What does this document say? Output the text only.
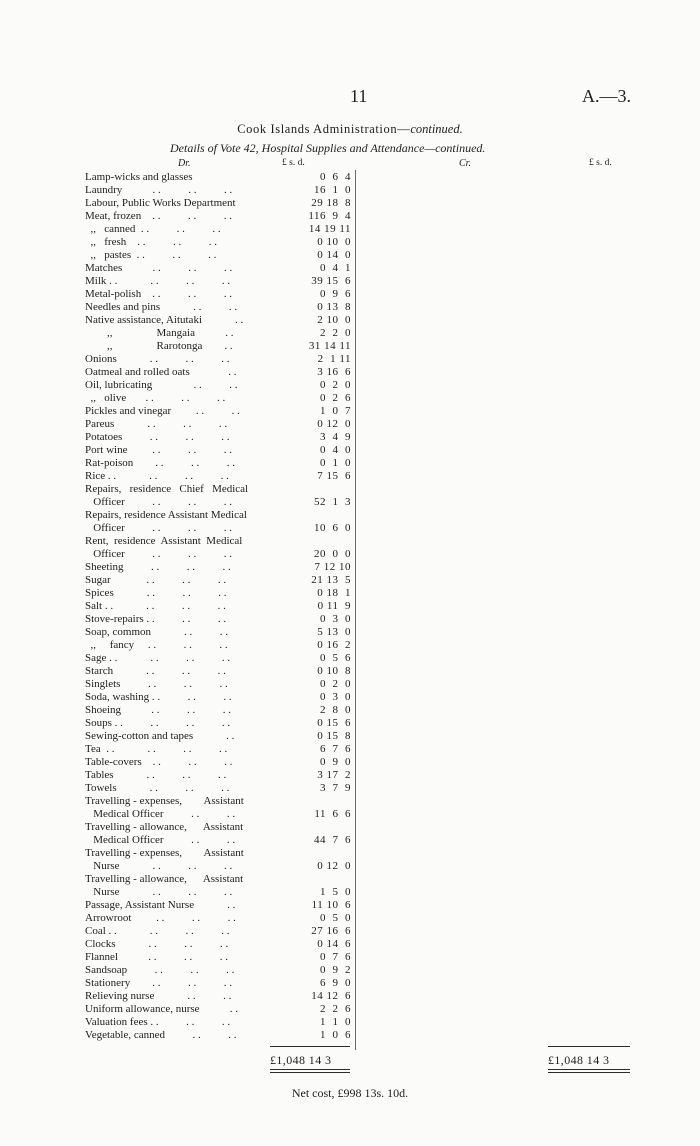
11	A.—3.
Cook Islands Administration—continued.
Details of Vote 42, Hospital Supplies and Attendance—continued.
Dr.	£ s. d.	Cr.	£ s. d.
Lamp-wicks and glasses	0  6  4
Laundry           . .          . .          . .	16  1  0
Labour, Public Works Department	29 18  8
Meat, frozen    . .          . .          . .	116  9  4
,,   canned  . .          . .          . .	14 19 11
,,   fresh    . .          . .          . .	0 10  0
,,   pastes  . .          . .          . .	0 14  0
Matches           . .          . .          . .	0  4  1
Milk . .            . .          . .          . .	39 15  6
Metal-polish    . .          . .          . .	0  9  6
Needles and pins            . .          . .	0 13  8
Native assistance, Aitutaki            . .	2 10  0
,,                Mangaia           . .	2  2  0
,,                Rarotonga        . .	31 14 11
Onions            . .          . .          . .	2  1 11
Oatmeal and rolled oats              . .	3 16  6
Oil, lubricating               . .          . .	0  2  0
,,   olive       . .          . .          . .	0  2  6
Pickles and vinegar         . .          . .	1  0  7
Pareus            . .          . .          . .	0 12  0
Potatoes          . .          . .          . .	3  4  9
Port wine         . .          . .          . .	0  4  0
Rat-poison        . .          . .          . .	0  1  0
Rice . .            . .          . .          . .	7 15  6
Repairs,   residence   Chief   Medical
Officer          . .          . .          . .	52  1  3
Repairs, residence Assistant Medical
Officer          . .          . .          . .	10  6  0
Rent,  residence  Assistant  Medical
Officer          . .          . .          . .	20  0  0
Sheeting          . .          . .          . .	7 12 10
Sugar             . .          . .          . .	21 13  5
Spices            . .          . .          . .	0 18  1
Salt . .            . .          . .          . .	0 11  9
Stove-repairs . .          . .          . .	0  3  0
Soap, common            . .          . .	5 13  0
,,     fancy     . .          . .          . .	0 16  2
Sage . .            . .          . .          . .	0  5  6
Starch            . .          . .          . .	0 10  8
Singlets          . .          . .          . .	0  2  0
Soda, washing . .          . .          . .	0  3  0
Shoeing           . .          . .          . .	2  8  0
Soups . .          . .          . .          . .	0 15  6
Sewing-cotton and tapes            . .	0 15  8
Tea  . .            . .          . .          . .	6  7  6
Table-covers    . .          . .          . .	0  9  0
Tables            . .          . .          . .	3 17  2
Towels            . .          . .          . .	3  7  9
Travelling - expenses,        Assistant
Medical Officer          . .          . .	11  6  6
Travelling - allowance,      Assistant
Medical Officer          . .          . .	44  7  6
Travelling - expenses,        Assistant
Nurse            . .          . .          . .	0 12  0
Travelling - allowance,      Assistant
Nurse            . .          . .          . .	1  5  0
Passage, Assistant Nurse            . .	11 10  6
Arrowroot         . .          . .          . .	0  5  0
Coal . .            . .          . .          . .	27 16  6
Clocks            . .          . .          . .	0 14  6
Flannel           . .          . .          . .	0  7  6
Sandsoap          . .          . .          . .	0  9  2
Stationery        . .          . .          . .	6  9  0
Relieving nurse            . .          . .	14 12  6
Uniform allowance, nurse           . .	2  2  6
Valuation fees . .          . .          . .	1  1  0
Vegetable, canned          . .          . .	1  0  6
£1,048 14 3	£1,048 14 3
Net cost, £998 13s. 10d.
